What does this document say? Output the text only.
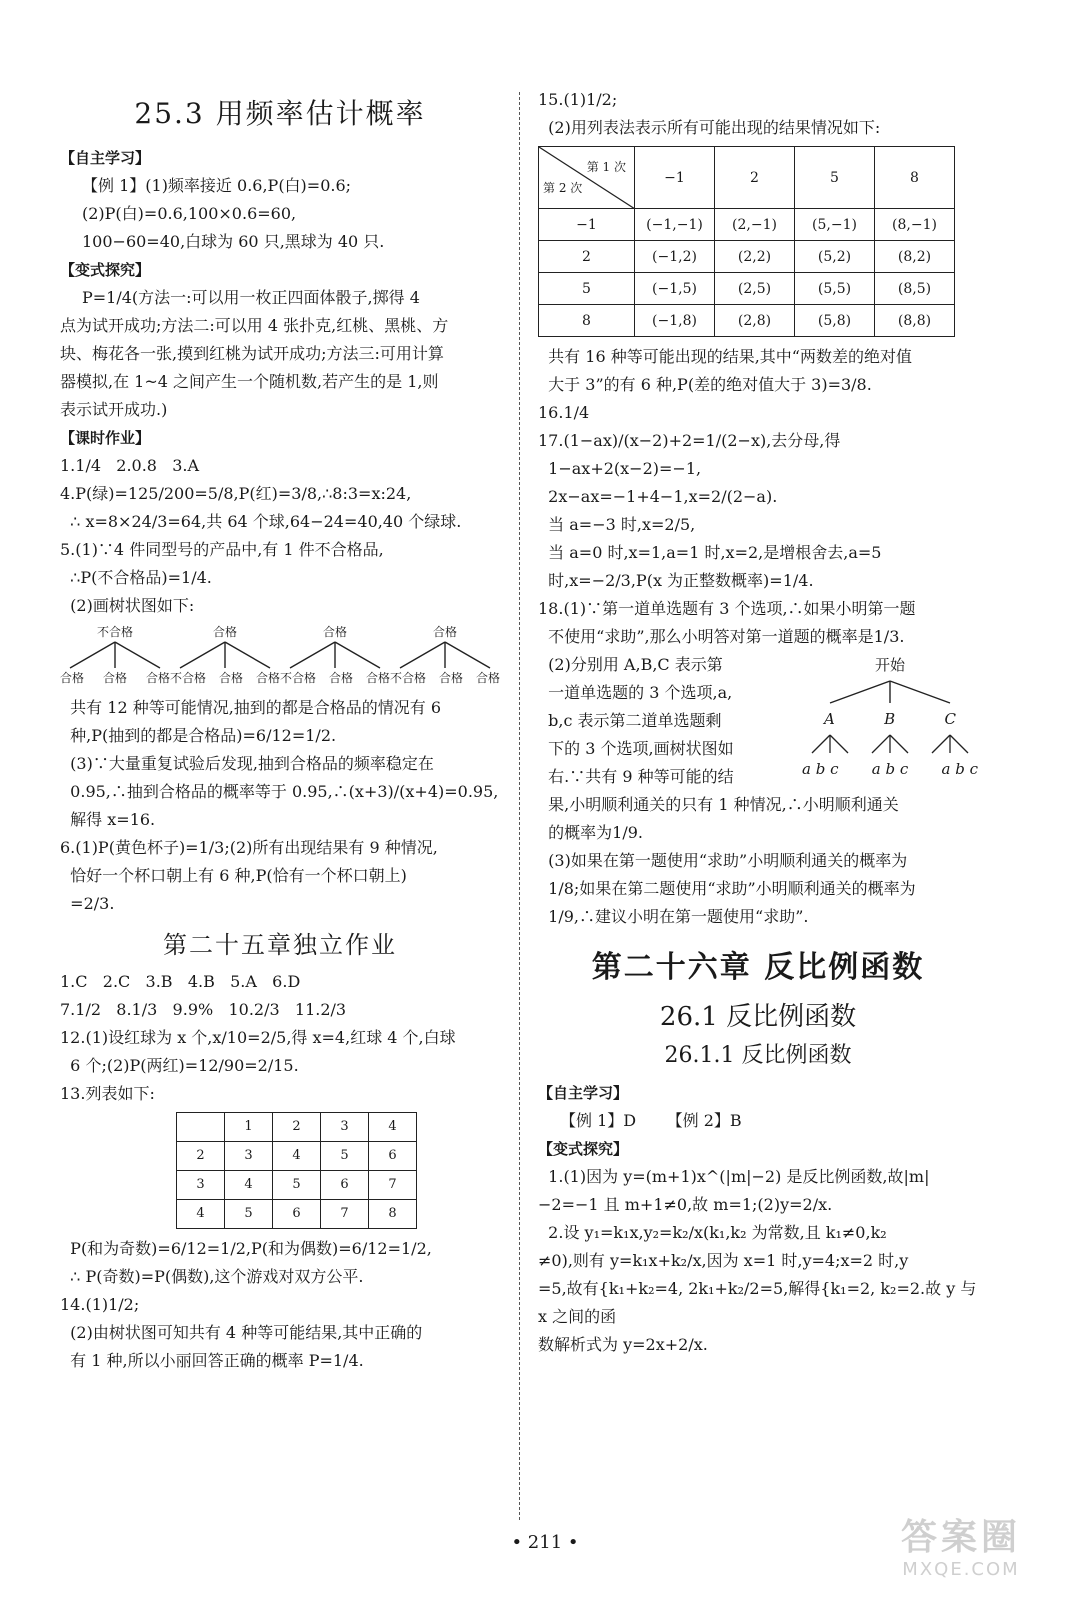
25.3 用频率估计概率
【自主学习】
【例 1】(1)频率接近 0.6,P(白)=0.6;
(2)P(白)=0.6,100×0.6=60,
100−60=40,白球为 60 只,黑球为 40 只.
【变式探究】
P=1/4(方法一:可以用一枚正四面体骰子,掷得 4
点为试开成功;方法二:可以用 4 张扑克,红桃、黑桃、方
块、梅花各一张,摸到红桃为试开成功;方法三:可用计算
器模拟,在 1~4 之间产生一个随机数,若产生的是 1,则
表示试开成功.)
【课时作业】
1.1/4   2.0.8   3.A
4.P(绿)=125/200=5/8,P(红)=3/8,∴8:3=x:24,
∴ x=8×24/3=64,共 64 个球,64−24=40,40 个绿球.
5.(1)∵4 件同型号的产品中,有 1 件不合格品,
∴P(不合格品)=1/4.
(2)画树状图如下:
不合格
合格 合格 合格
合格
不合格 合格 合格
合格
不合格 合格 合格
合格
不合格 合格 合格
共有 12 种等可能情况,抽到的都是合格品的情况有 6
种,P(抽到的都是合格品)=6/12=1/2.
(3)∵大量重复试验后发现,抽到合格品的频率稳定在
0.95,∴抽到合格品的概率等于 0.95,∴(x+3)/(x+4)=0.95,
解得 x=16.
6.(1)P(黄色杯子)=1/3;(2)所有出现结果有 9 种情况,
恰好一个杯口朝上有 6 种,P(恰有一个杯口朝上)
=2/3.
第二十五章独立作业
1.C   2.C   3.B   4.B   5.A   6.D
7.1/2   8.1/3   9.9%   10.2/3   11.2/3
12.(1)设红球为 x 个,x/10=2/5,得 x=4,红球 4 个,白球
6 个;(2)P(两红)=12/90=2/15.
13.列表如下:
	1	2	3	4
2	3	4	5	6
3	4	5	6	7
4	5	6	7	8
P(和为奇数)=6/12=1/2,P(和为偶数)=6/12=1/2,
∴ P(奇数)=P(偶数),这个游戏对双方公平.
14.(1)1/2;
(2)由树状图可知共有 4 种等可能结果,其中正确的
有 1 种,所以小丽回答正确的概率 P=1/4.
15.(1)1/2;
(2)用列表法表示所有可能出现的结果情况如下:
第 1 次
第 2 次	−1	2	5	8
−1	(−1,−1)	(2,−1)	(5,−1)	(8,−1)
2	(−1,2)	(2,2)	(5,2)	(8,2)
5	(−1,5)	(2,5)	(5,5)	(8,5)
8	(−1,8)	(2,8)	(5,8)	(8,8)
共有 16 种等可能出现的结果,其中“两数差的绝对值
大于 3”的有 6 种,P(差的绝对值大于 3)=3/8.
16.1/4
17.(1−ax)/(x−2)+2=1/(2−x),去分母,得
1−ax+2(x−2)=−1,
2x−ax=−1+4−1,x=2/(2−a).
当 a=−3 时,x=2/5,
当 a=0 时,x=1,a=1 时,x=2,是增根舍去,a=5
时,x=−2/3,P(x 为正整数概率)=1/4.
18.(1)∵第一道单选题有 3 个选项,∴如果小明第一题
不使用“求助”,那么小明答对第一道题的概率是1/3.
开始
A	B	C
a b c a b c a b c
(2)分别用 A,B,C 表示第
一道单选题的 3 个选项,a,
b,c 表示第二道单选题剩
下的 3 个选项,画树状图如
右.∵共有 9 种等可能的结
果,小明顺利通关的只有 1 种情况,∴小明顺利通关
的概率为1/9.
(3)如果在第一题使用“求助”小明顺利通关的概率为
1/8;如果在第二题使用“求助”小明顺利通关的概率为
1/9,∴建议小明在第一题使用“求助”.
第二十六章 反比例函数
26.1 反比例函数
26.1.1 反比例函数
【自主学习】
【例 1】D      【例 2】B
【变式探究】
1.(1)因为 y=(m+1)x^(|m|−2) 是反比例函数,故|m|
−2=−1 且 m+1≠0,故 m=1;(2)y=2/x.
2.设 y₁=k₁x,y₂=k₂/x(k₁,k₂ 为常数,且 k₁≠0,k₂
≠0),则有 y=k₁x+k₂/x,因为 x=1 时,y=4;x=2 时,y
=5,故有{k₁+k₂=4, 2k₁+k₂/2=5,解得{k₁=2, k₂=2.故 y 与 x 之间的函
数解析式为 y=2x+2/x.
• 211 •	答案圈
MXQE.COM
